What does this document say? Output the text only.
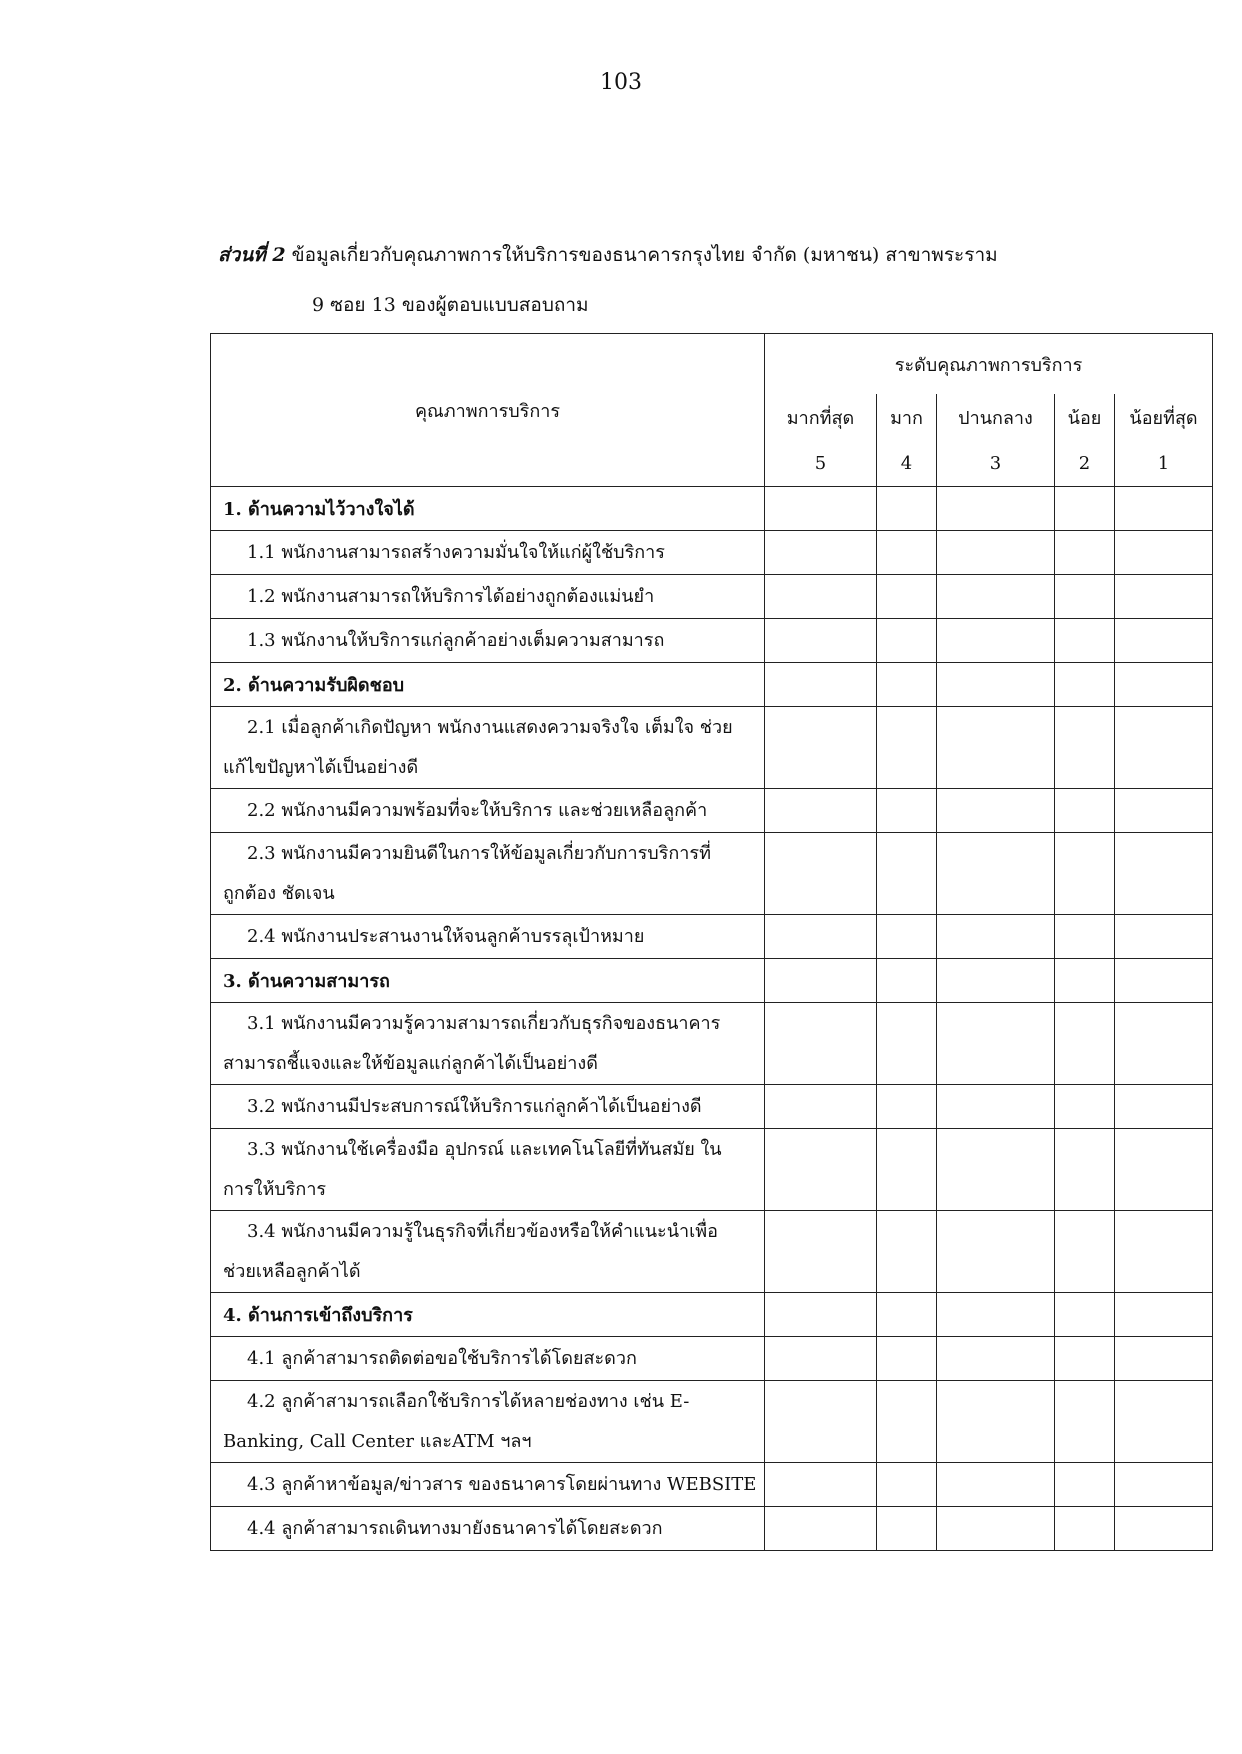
103
ส่วนที่ 2 ข้อมูลเกี่ยวกับคุณภาพการให้บริการของธนาคารกรุงไทย จำกัด (มหาชน) สาขาพระราม
9 ซอย 13 ของผู้ตอบแบบสอบถาม
คุณภาพการบริการ	ระดับคุณภาพการบริการ				
	มากที่สุด	มาก	ปานกลาง	น้อย	น้อยที่สุด
	5	4	3	2	1
1. ด้านความไว้วางใจได้					

1.1 พนักงานสามารถสร้างความมั่นใจให้แก่ผู้ใช้บริการ					

1.2 พนักงานสามารถให้บริการได้อย่างถูกต้องแม่นยำ					

1.3 พนักงานให้บริการแก่ลูกค้าอย่างเต็มความสามารถ					

2. ด้านความรับผิดชอบ					

2.1 เมื่อลูกค้าเกิดปัญหา พนักงานแสดงความจริงใจ เต็มใจ ช่วย
แก้ไขปัญหาได้เป็นอย่างดี					

2.2 พนักงานมีความพร้อมที่จะให้บริการ และช่วยเหลือลูกค้า					

2.3 พนักงานมีความยินดีในการให้ข้อมูลเกี่ยวกับการบริการที่
ถูกต้อง ชัดเจน					

2.4 พนักงานประสานงานให้จนลูกค้าบรรลุเป้าหมาย					

3. ด้านความสามารถ					

3.1 พนักงานมีความรู้ความสามารถเกี่ยวกับธุรกิจของธนาคาร
สามารถชี้แจงและให้ข้อมูลแก่ลูกค้าได้เป็นอย่างดี					

3.2 พนักงานมีประสบการณ์ให้บริการแก่ลูกค้าได้เป็นอย่างดี					

3.3 พนักงานใช้เครื่องมือ อุปกรณ์ และเทคโนโลยีที่ทันสมัย ใน
การให้บริการ					

3.4 พนักงานมีความรู้ในธุรกิจที่เกี่ยวข้องหรือให้คำแนะนำเพื่อ
ช่วยเหลือลูกค้าได้					

4. ด้านการเข้าถึงบริการ					

4.1 ลูกค้าสามารถติดต่อขอใช้บริการได้โดยสะดวก					

4.2 ลูกค้าสามารถเลือกใช้บริการได้หลายช่องทาง เช่น E-
Banking, Call Center และATM ฯลฯ					

4.3 ลูกค้าหาข้อมูล/ข่าวสาร ของธนาคารโดยผ่านทาง WEBSITE					

4.4 ลูกค้าสามารถเดินทางมายังธนาคารได้โดยสะดวก					
